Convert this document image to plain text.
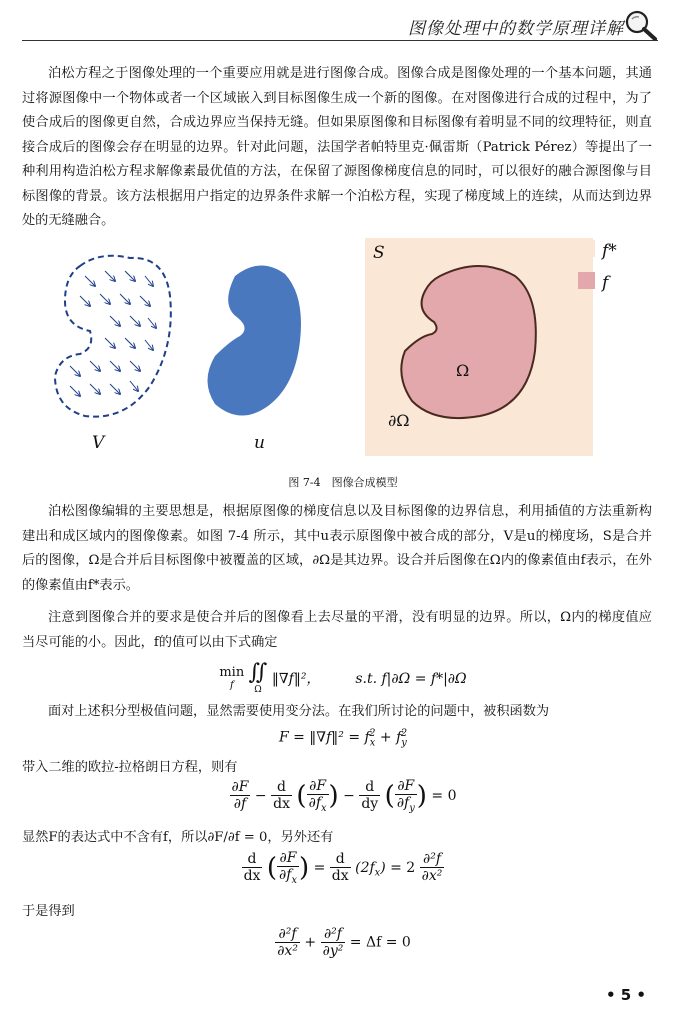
图像处理中的数学原理详解

泊松方程之于图像处理的一个重要应用就是进行图像合成。图像合成是图像处理的一个基本问题，其通过将源图像中一个物体或者一个区域嵌入到目标图像生成一个新的图像。在对图像进行合成的过程中，为了使合成后的图像更自然，合成边界应当保持无缝。但如果原图像和目标图像有着明显不同的纹理特征，则直接合成后的图像会存在明显的边界。针对此问题，法国学者帕特里克·佩雷斯（Patrick Pérez）等提出了一种利用构造泊松方程求解像素最优值的方法，在保留了源图像梯度信息的同时，可以很好的融合源图像与目标图像的背景。该方法根据用户指定的边界条件求解一个泊松方程，实现了梯度域上的连续，从而达到边界处的无缝融合。

V	u
S
Ω
∂Ω
f*
f
图 7-4　图像合成模型

泊松图像编辑的主要思想是，根据原图像的梯度信息以及目标图像的边界信息，利用插值的方法重新构建出和成区域内的图像像素。如图 7-4 所示，其中u表示原图像中被合成的部分，V是u的梯度场，S是合并后的图像，Ω是合并后目标图像中被覆盖的区域，∂Ω是其边界。设合并后图像在Ω内的像素值由f表示，在外的像素值由f*表示。

注意到图像合并的要求是使合并后的图像看上去尽量的平滑，没有明显的边界。所以，Ω内的梯度值应当尽可能的小。因此，f的值可以由下式确定

min
f

∬
Ω
‖∇f‖²， s.t. f|∂Ω = f*|∂Ω

面对上述积分型极值问题，显然需要使用变分法。在我们所讨论的问题中，被积函数为

F = ‖∇f‖² = $f_x^2 + f_y^2$
带入二维的欧拉-拉格朗日方程，则有
$\frac{\partial F}{\partial f} - \frac{d}{dx}$ ( $\frac{\partial F}{\partial f_x}$ ) − $\frac{d}{dy}$ ( $\frac{\partial F}{\partial f_y}$ ) = 0
显然F的表达式中不含有f，所以∂F/∂f = 0，另外还有
$\frac{d}{dx}$ ( $\frac{\partial F}{\partial f_x}$ ) = $\frac{d}{dx} (2f_x) = 2 \frac{\text{∂²f}}{\text{∂x²}}$
于是得到
$\frac{\text{∂²f}}{\text{∂x²}} + \frac{\text{∂²f}}{\text{∂y²}} = \Delta f = 0$
• 5 •
